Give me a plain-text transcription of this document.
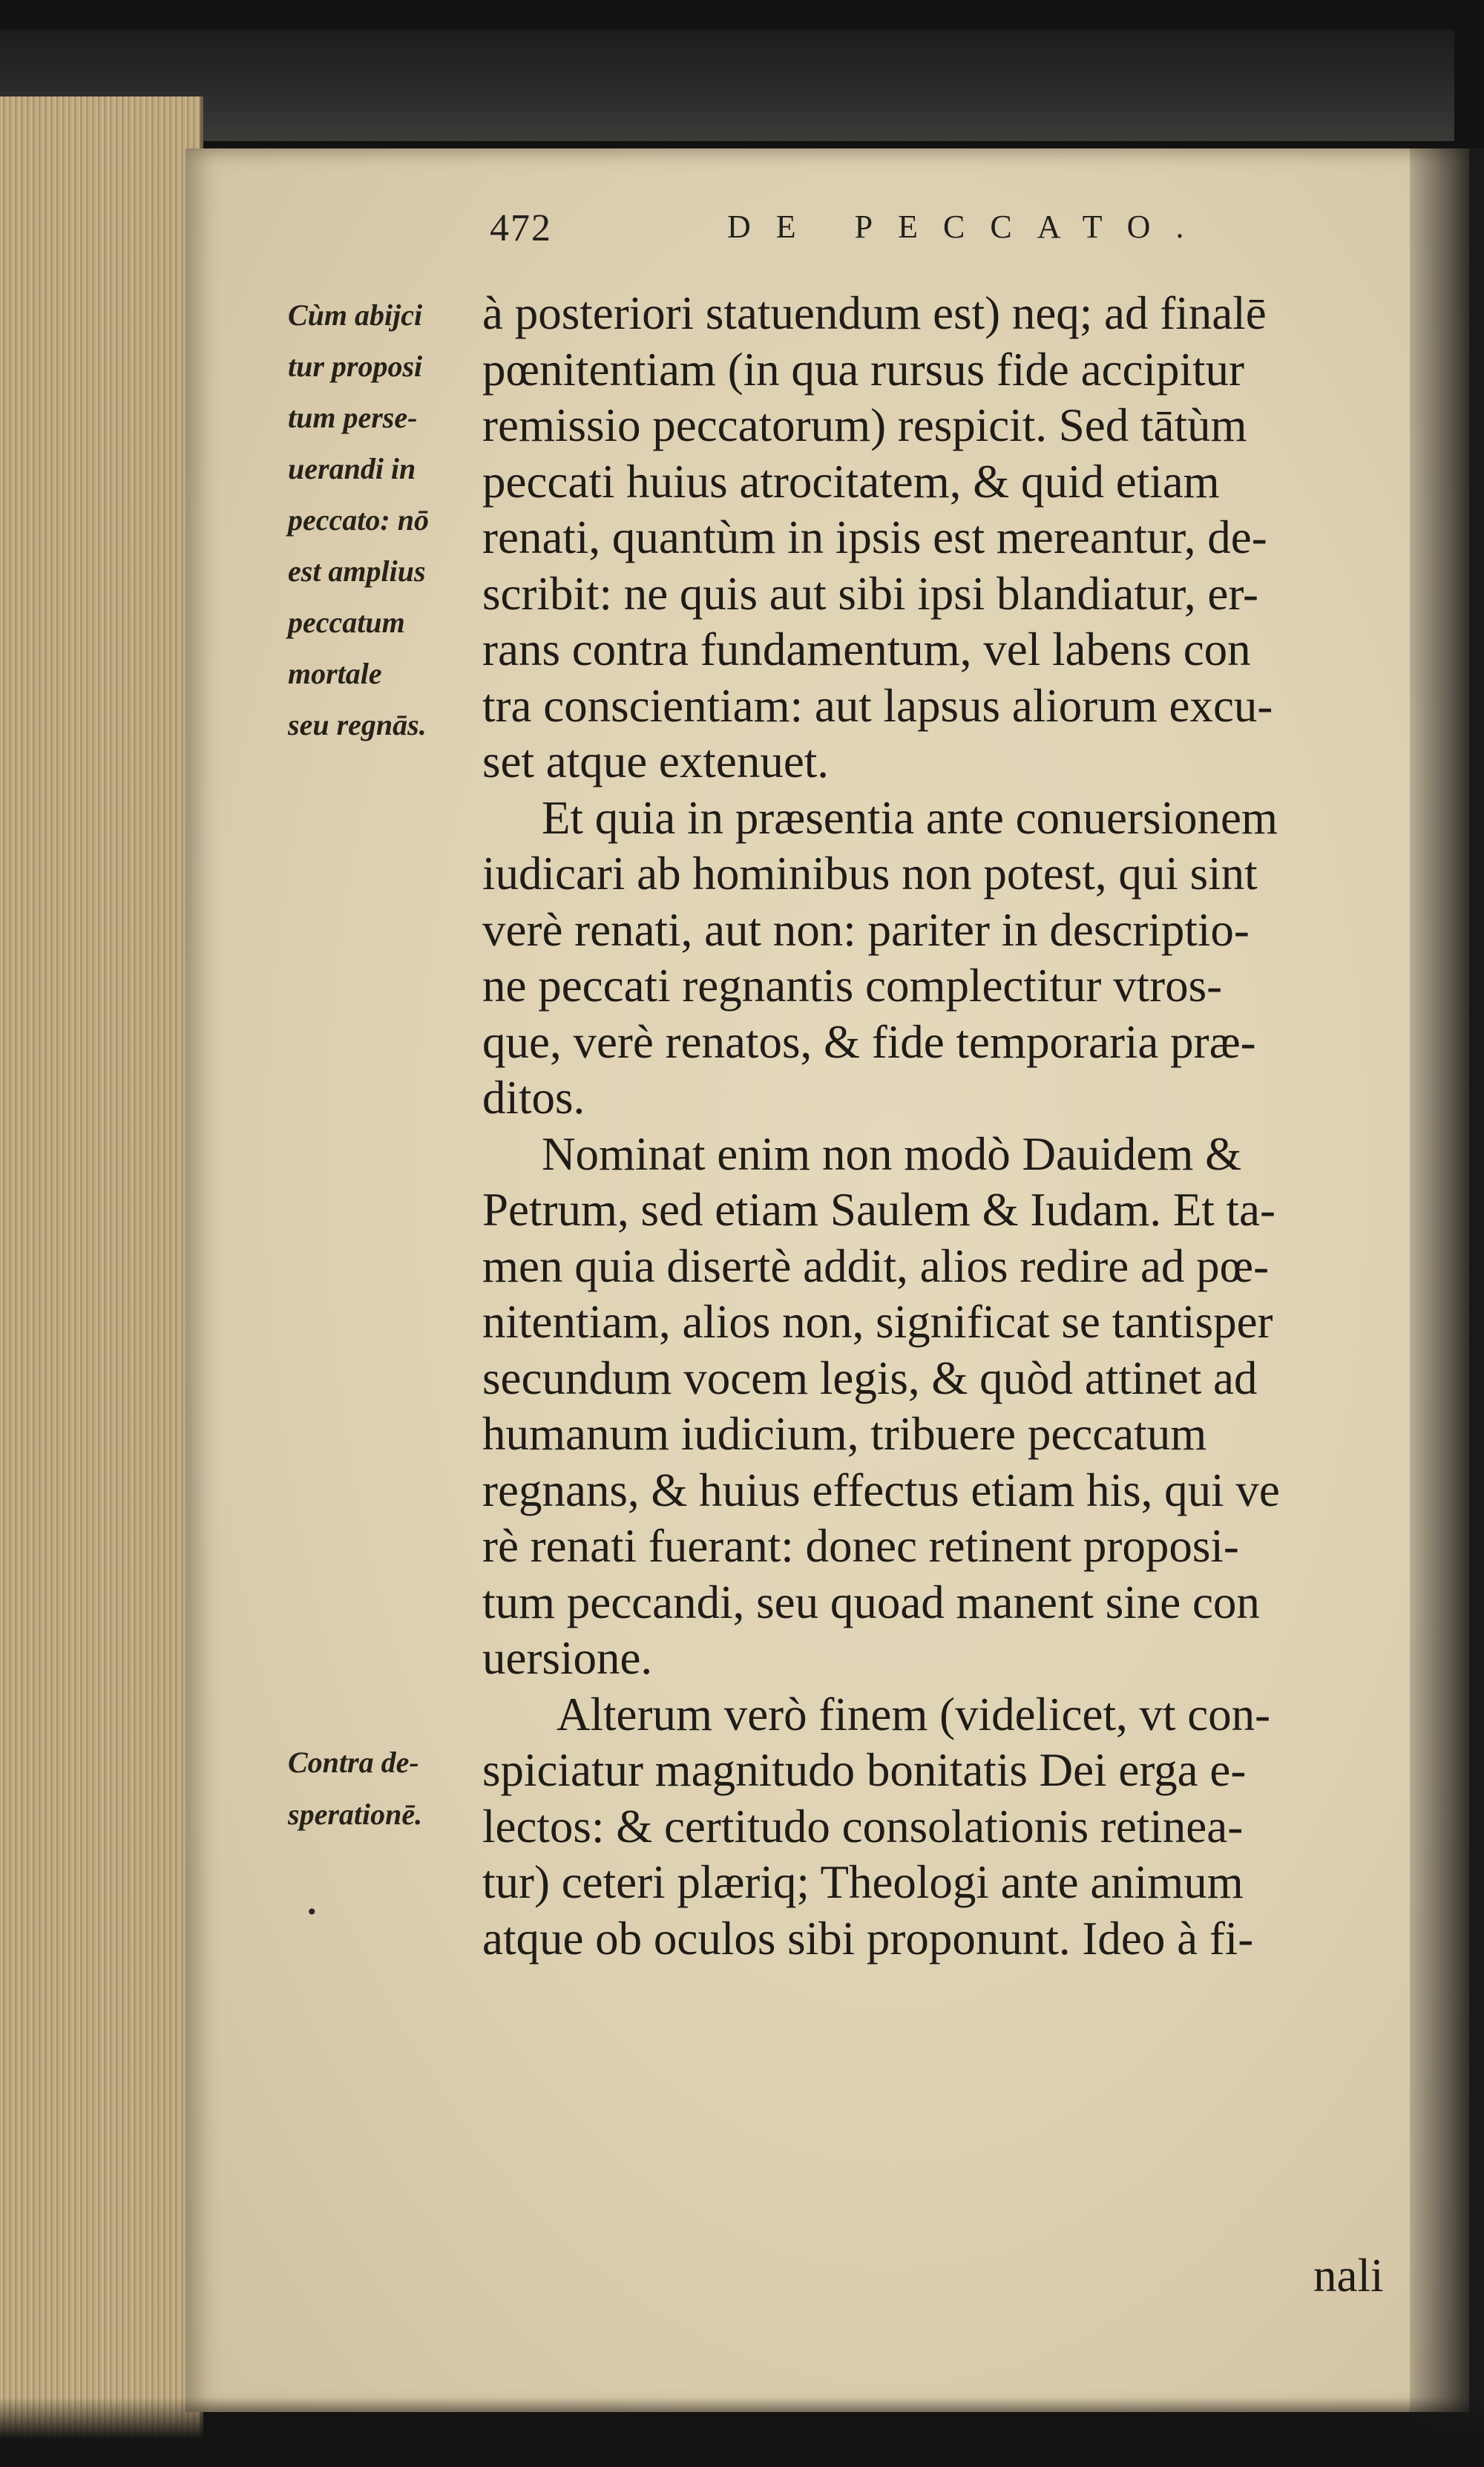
472	DE PECCATO.
Cùm abijci
tur proposi
tum perse-
uerandi in
peccato: nō
est amplius
peccatum
mortale
seu regnās.
Contra de-
sperationē.
•
à posteriori statuendum est) neq; ad finalē
pœnitentiam (in qua rursus fide accipitur
remissio peccatorum) respicit. Sed tātùm
peccati huius atrocitatem, & quid etiam
renati, quantùm in ipsis est mereantur, de-
scribit: ne quis aut sibi ipsi blandiatur, er-
rans contra fundamentum, vel labens con
tra conscientiam: aut lapsus aliorum excu-
set atque extenuet.
Et quia in præsentia ante conuersionem
iudicari ab hominibus non potest, qui sint
verè renati, aut non: pariter in descriptio-
ne peccati regnantis complectitur vtros-
que, verè renatos, & fide temporaria præ-
ditos.
Nominat enim non modò Dauidem &
Petrum, sed etiam Saulem & Iudam. Et ta-
men quia disertè addit, alios redire ad pœ-
nitentiam, alios non, significat se tantisper
secundum vocem legis, & quòd attinet ad
humanum iudicium, tribuere peccatum
regnans, & huius effectus etiam his, qui ve
rè renati fuerant: donec retinent proposi-
tum peccandi, seu quoad manent sine con
uersione.
Alterum verò finem (videlicet, vt con-
spiciatur magnitudo bonitatis Dei erga e-
lectos: & certitudo consolationis retinea-
tur) ceteri plæriq; Theologi ante animum
atque ob oculos sibi proponunt. Ideo à fi-
nali
